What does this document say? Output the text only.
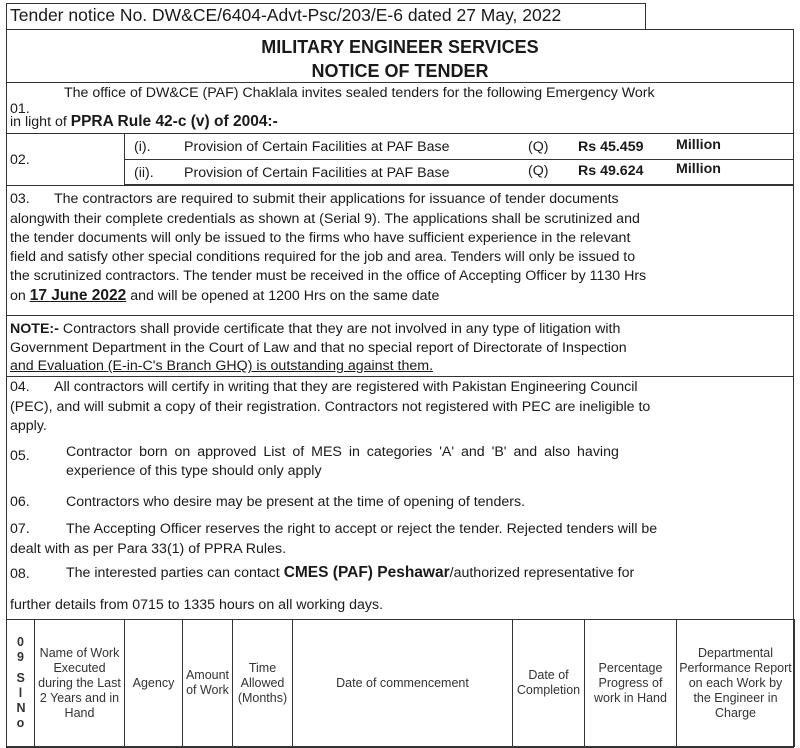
Tender notice No. DW&CE/6404-Advt-Psc/203/E-6 dated 27 May, 2022
MILITARY ENGINEER SERVICES
NOTICE OF TENDER
01.
The office of DW&CE (PAF) Chaklala invites sealed tenders for the following Emergency Work
in light of PPRA Rule 42-c (v) of 2004:-
02.
(i). Provision of Certain Facilities at PAF Base	(Q) Rs 45.459 Million
(ii). Provision of Certain Facilities at PAF Base	(Q) Rs 49.624 Million
03. The contractors are required to submit their applications for issuance of tender documents
alongwith their complete credentials as shown at (Serial 9). The applications shall be scrutinized and
the tender documents will only be issued to the firms who have sufficient experience in the relevant
field and satisfy other special conditions required for the job and area. Tenders will only be issued to
the scrutinized contractors. The tender must be received in the office of Accepting Officer by 1130 Hrs
on 17 June 2022 and will be opened at 1200 Hrs on the same date
NOTE:- Contractors shall provide certificate that they are not involved in any type of litigation with
Government Department in the Court of Law and that no special report of Directorate of Inspection
and Evaluation (E-in-C's Branch GHQ) is outstanding against them.
04. All contractors will certify in writing that they are registered with Pakistan Engineering Council
(PEC), and will submit a copy of their registration. Contractors not registered with PEC are ineligible to
apply.
05.	Contractor born on approved List of MES in categories 'A' and 'B' and also having
experience of this type should only apply
06.	Contractors who desire may be present at the time of opening of tenders.
07.	The Accepting Officer reserves the right to accept or reject the tender. Rejected tenders will be
dealt with as per Para 33(1) of PPRA Rules.
08.	The interested parties can contact CMES (PAF) Peshawar/authorized representative for
further details from 0715 to 1335 hours on all working days.
09
Sl No
	Name of Work Executed during the Last 2 Years and in Hand	Agency	Amount of Work	Time Allowed (Months)	Date of commencement	Date of Completion	Percentage Progress of work in Hand	Departmental Performance Report on each Work by the Engineer in Charge
